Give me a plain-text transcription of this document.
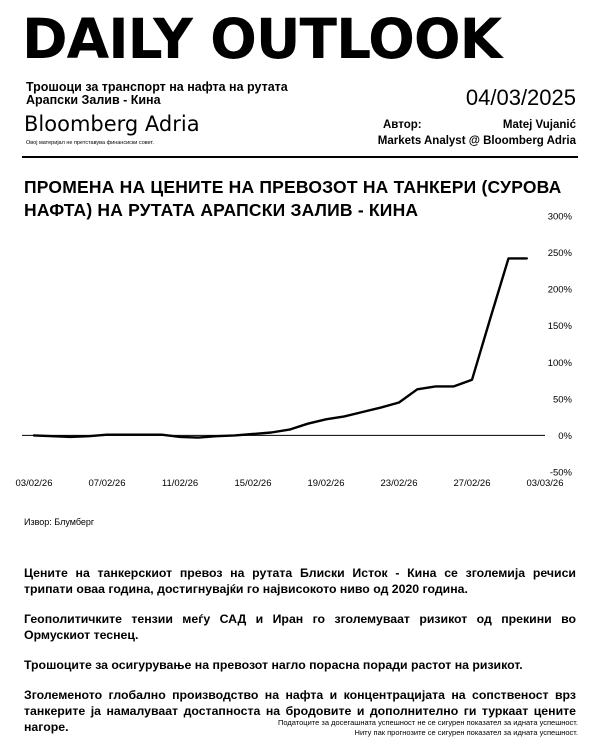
DAILY OUTLOOK
Трошоци за транспорт на нафта на рутата Арапски Залив - Кина	04/03/2025
Bloomberg Adria
Овој материјал не претставува финансиски совет.
Автор:	Matej Vujanić
Markets Analyst @ Bloomberg Adria
ПРОМЕНА НА ЦЕНИТЕ НА ПРЕВОЗОТ НА ТАНКЕРИ (СУРОВА НАФТА) НА РУТАТА АРАПСКИ ЗАЛИВ - КИНА	300%
250%
200%
150%
100%
50%
0%
-50%
03/02/26	07/02/26	11/02/26	15/02/26	19/02/26	23/02/26	27/02/26	03/03/26
Извор: Блумберг

Цените на танкерскиот превоз на рутата Блиски Исток - Кина се зголемија речиси трипати оваа година, достигнувајќи го највисокото ниво од 2020 година.

Геополитичките тензии меѓу САД и Иран го зголемуваат ризикот од прекини во Ормускиот теснец.

Трошоците за осигурување на превозот нагло порасна поради растот на ризикот.

Зголеменото глобално производство на нафта и концентрацијата на сопственост врз танкерите ја намалуваат достапноста на бродовите и дополнително ги туркаат цените нагоре.	Податоците за досегашната успешност не се сигурен показател за идната успешност.
Ниту пак прогнозите се сигурен показател за идната успешност.
